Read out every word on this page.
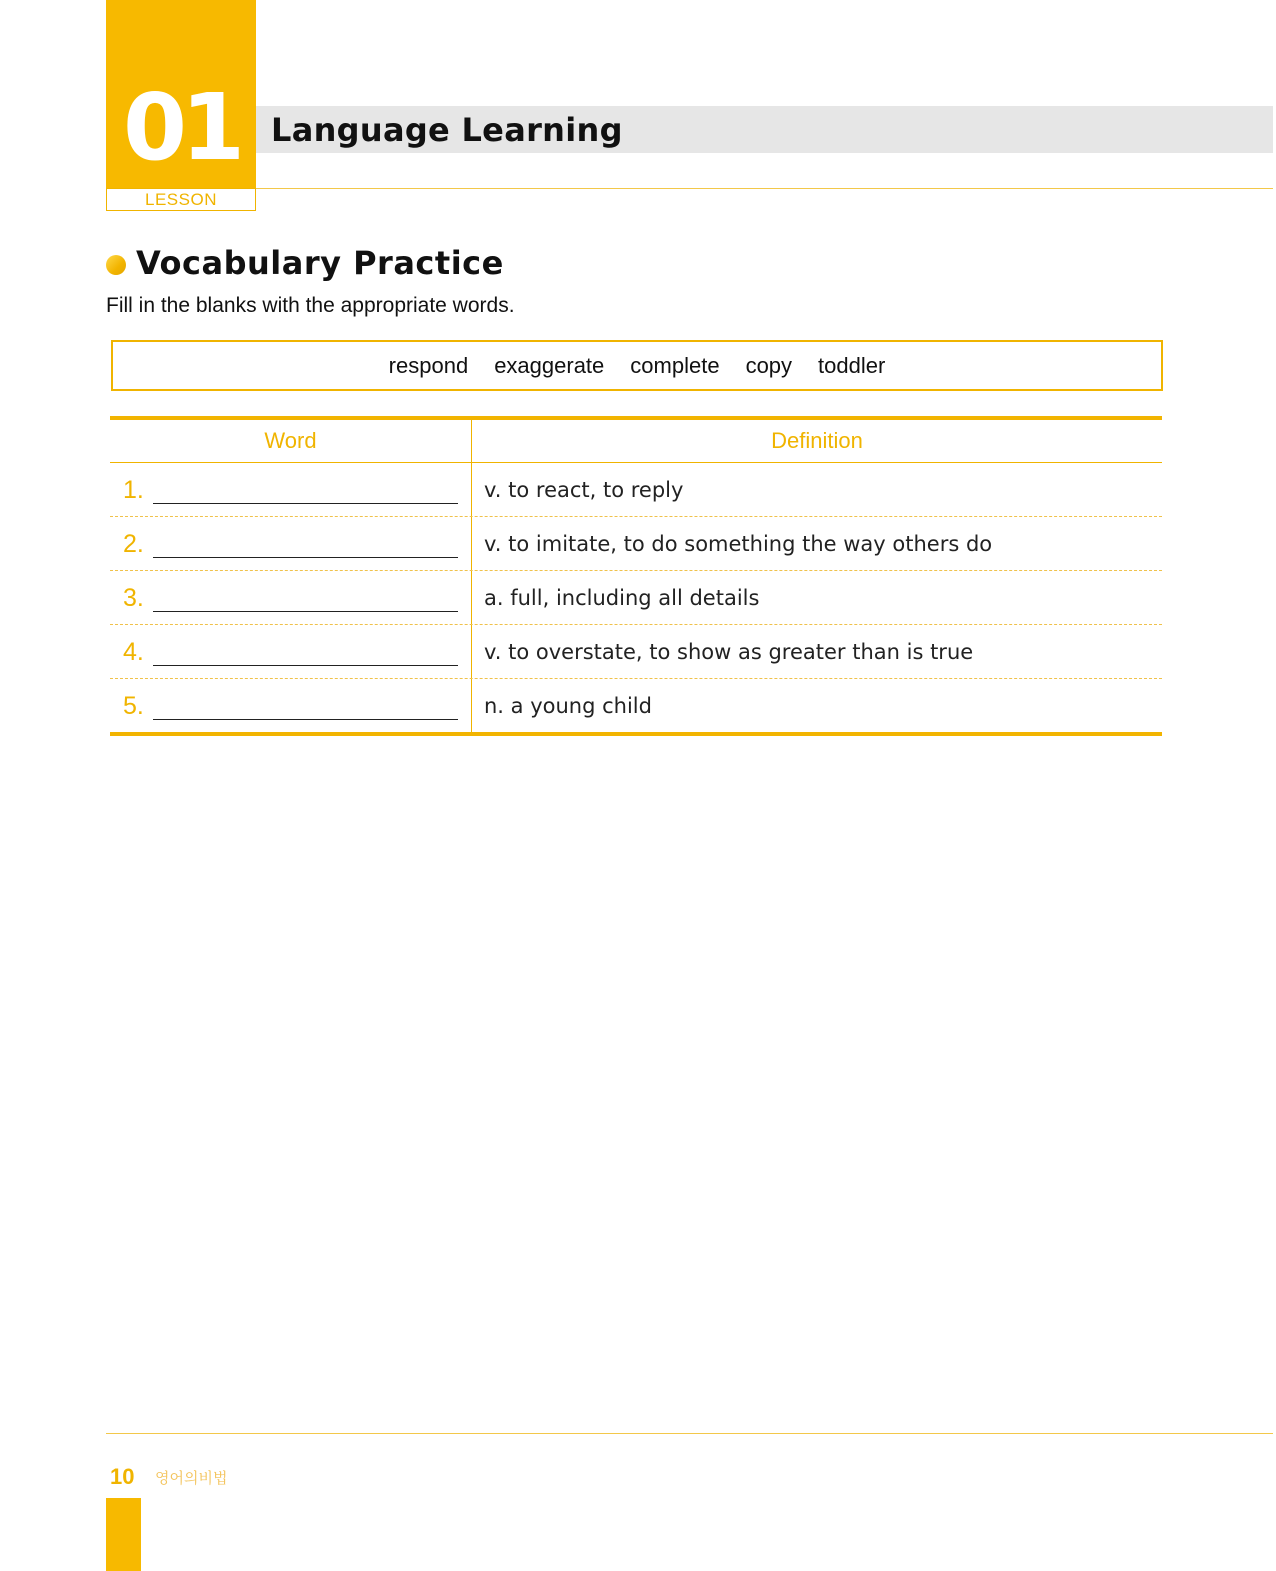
01
LESSON
Language Learning
Vocabulary Practice
Fill in the blanks with the appropriate words.
respond exaggerate complete copy toddler
Word	Definition
1.	v. to react, to reply
2.	v. to imitate, to do something the way others do
3.	a. full, including all details
4.	v. to overstate, to show as greater than is true
5.	n. a young child
10 영어의비법
